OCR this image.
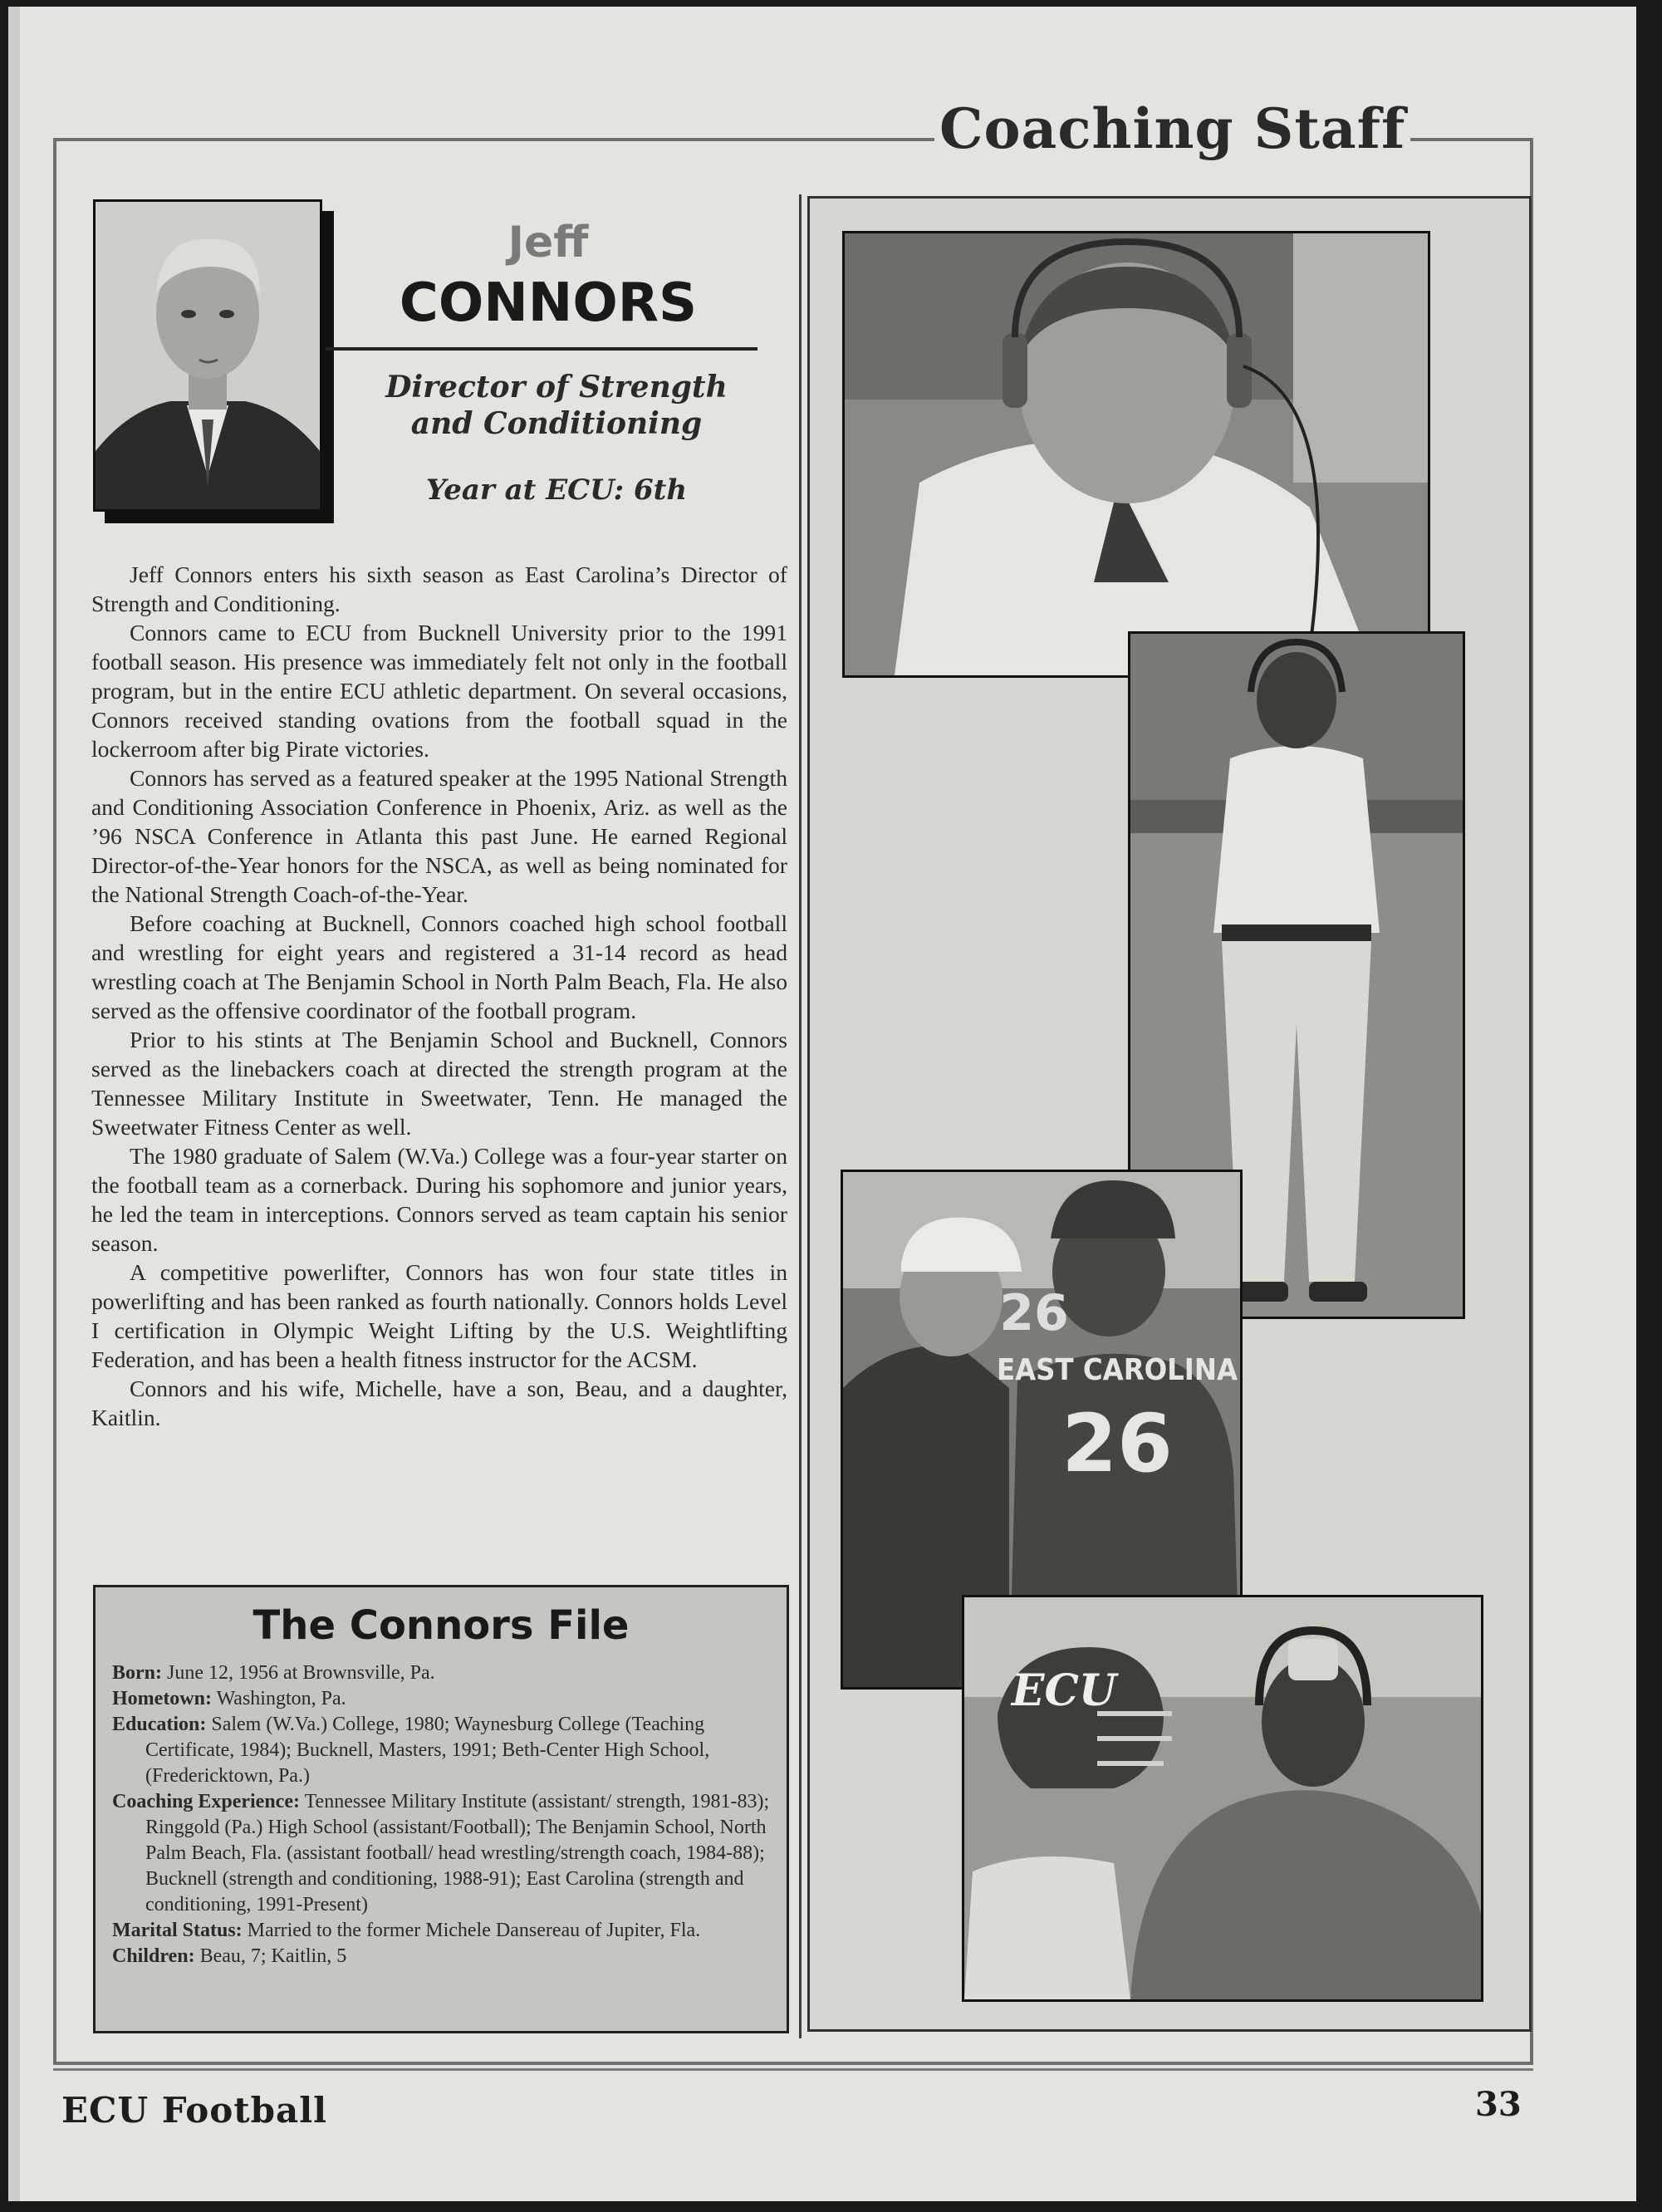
Coaching Staff
Jeff
CONNORS
Director of Strength
and Conditioning
Year at ECU: 6th

Jeff Connors enters his sixth season as East Carolina’s Director of Strength and Conditioning.

Connors came to ECU from Bucknell University prior to the 1991 football season. His presence was immediately felt not only in the football program, but in the entire ECU athletic department. On several occasions, Connors received standing ovations from the football squad in the lockerroom after big Pirate victories.

Connors has served as a featured speaker at the 1995 National Strength and Conditioning Association Conference in Phoenix, Ariz. as well as the ’96 NSCA Conference in Atlanta this past June. He earned Regional Director-of-the-Year honors for the NSCA, as well as being nominated for the National Strength Coach-of-the-Year.

Before coaching at Bucknell, Connors coached high school football and wrestling for eight years and registered a 31-14 record as head wrestling coach at The Benjamin School in North Palm Beach, Fla. He also served as the offensive coordinator of the football program.

Prior to his stints at The Benjamin School and Bucknell, Connors served as the linebackers coach at directed the strength program at the Tennessee Military Institute in Sweetwater, Tenn. He managed the Sweetwater Fitness Center as well.

The 1980 graduate of Salem (W.Va.) College was a four-year starter on the football team as a cornerback. During his sophomore and junior years, he led the team in interceptions. Connors served as team captain his senior season.

A competitive powerlifter, Connors has won four state titles in powerlifting and has been ranked as fourth nationally. Connors holds Level I certification in Olympic Weight Lifting by the U.S. Weightlifting Federation, and has been a health fitness instructor for the ACSM.

Connors and his wife, Michelle, have a son, Beau, and a daughter, Kaitlin.

The Connors File
Born: June 12, 1956 at Brownsville, Pa.
Hometown: Washington, Pa.
Education: Salem (W.Va.) College, 1980; Waynesburg College (Teaching Certificate, 1984); Bucknell, Masters, 1991; Beth-Center High School, (Fredericktown, Pa.)
Coaching Experience: Tennessee Military Institute (assistant/ strength, 1981-83); Ringgold (Pa.) High School (assistant/Football); The Benjamin School, North Palm Beach, Fla. (assistant football/ head wrestling/strength coach, 1984-88); Bucknell (strength and conditioning, 1988-91); East Carolina (strength and conditioning, 1991-Present)
Marital Status: Married to the former Michele Dansereau of Jupiter, Fla.
Children: Beau, 7; Kaitlin, 5
EAST CAROLINA
26
26
ECU
ECU Football	33
